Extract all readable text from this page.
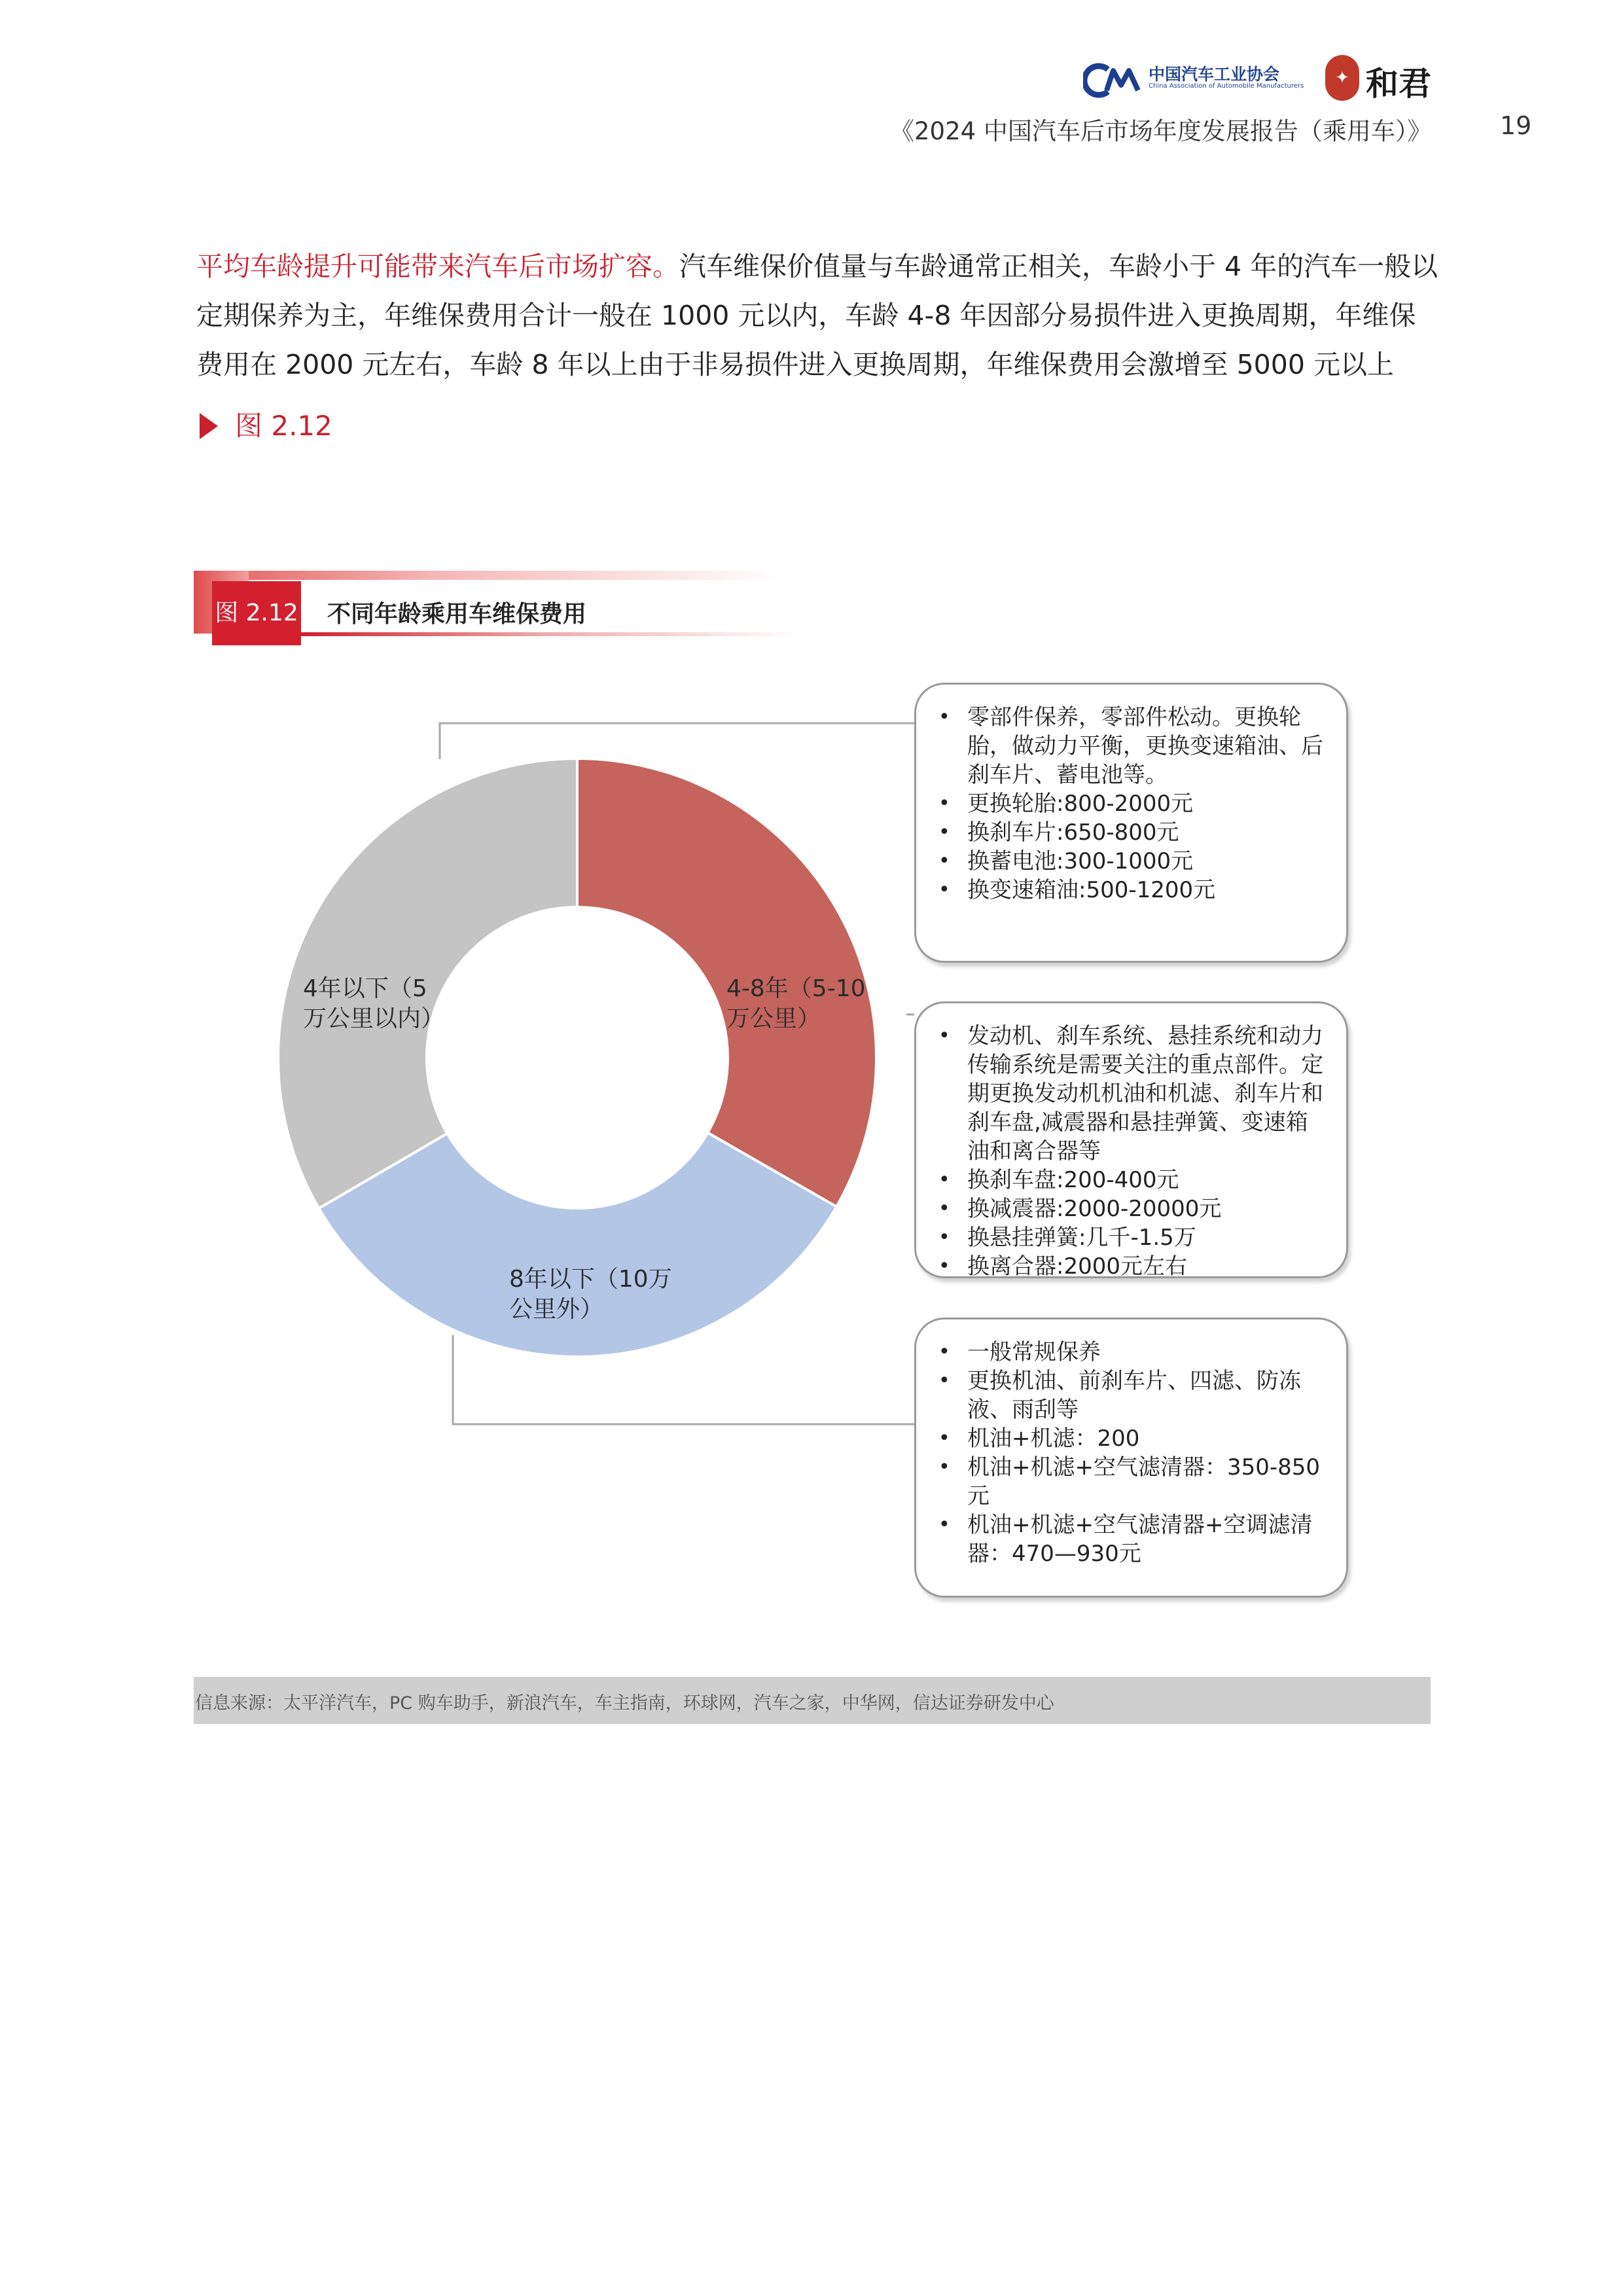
中国汽车工业协会
China Association of Automobile Manufacturers	✦ 和君
《2024 中国汽车后市场年度发展报告（乘用车）》	19
平均车龄提升可能带来汽车后市场扩容。汽车维保价值量与车龄通常正相关，车龄小于 4 年的汽车一般以定期保养为主，年维保费用合计一般在 1000 元以内，车龄 4-8 年因部分易损件进入更换周期，年维保费用在 2000 元左右，车龄 8 年以上由于非易损件进入更换周期，年维保费用会激增至 5000 元以上
图 2.12
图 2.12 不同年龄乘用车维保费用
4年以下（5
万公里以内）
4-8年（5-10
万公里）
8年以下（10万
公里外）
• 零部件保养，零部件松动。更换轮胎，做动力平衡，更换变速箱油、后刹车片、蓄电池等。
• 更换轮胎:800-2000元
• 换刹车片:650-800元
• 换蓄电池:300-1000元
• 换变速箱油:500-1200元
• 发动机、刹车系统、悬挂系统和动力传输系统是需要关注的重点部件。定期更换发动机机油和机滤、刹车片和刹车盘,减震器和悬挂弹簧、变速箱油和离合器等
• 换刹车盘:200-400元
• 换减震器:2000-20000元
• 换悬挂弹簧:几千-1.5万
• 换离合器:2000元左右
• 一般常规保养
• 更换机油、前刹车片、四滤、防冻液、雨刮等
• 机油+机滤：200
• 机油+机滤+空气滤清器：350-850元
• 机油+机滤+空气滤清器+空调滤清器：470—930元
信息来源：太平洋汽车，PC 购车助手，新浪汽车，车主指南，环球网，汽车之家，中华网，信达证券研发中心
